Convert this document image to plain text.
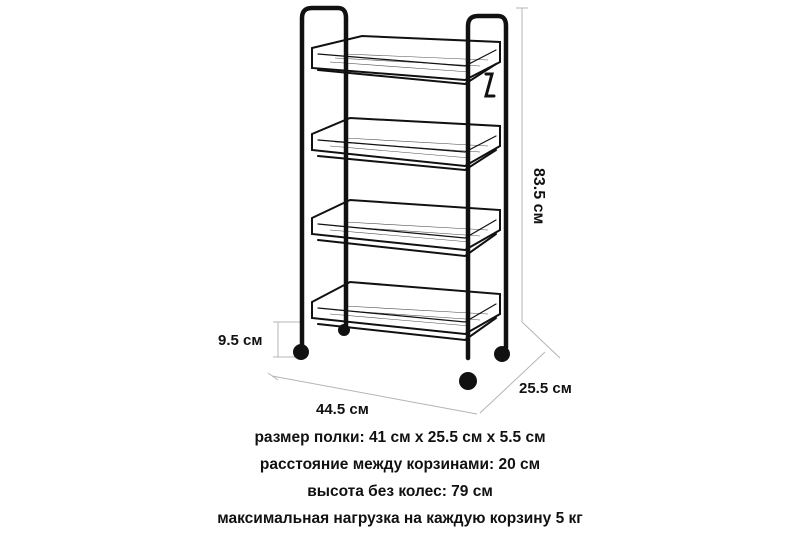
83.5 см
9.5 см
25.5 см
44.5 см
размер полки: 41 см х 25.5 см х 5.5 см
расстояние между корзинами: 20 см
высота без колес: 79 см
максимальная нагрузка на каждую корзину 5 кг
